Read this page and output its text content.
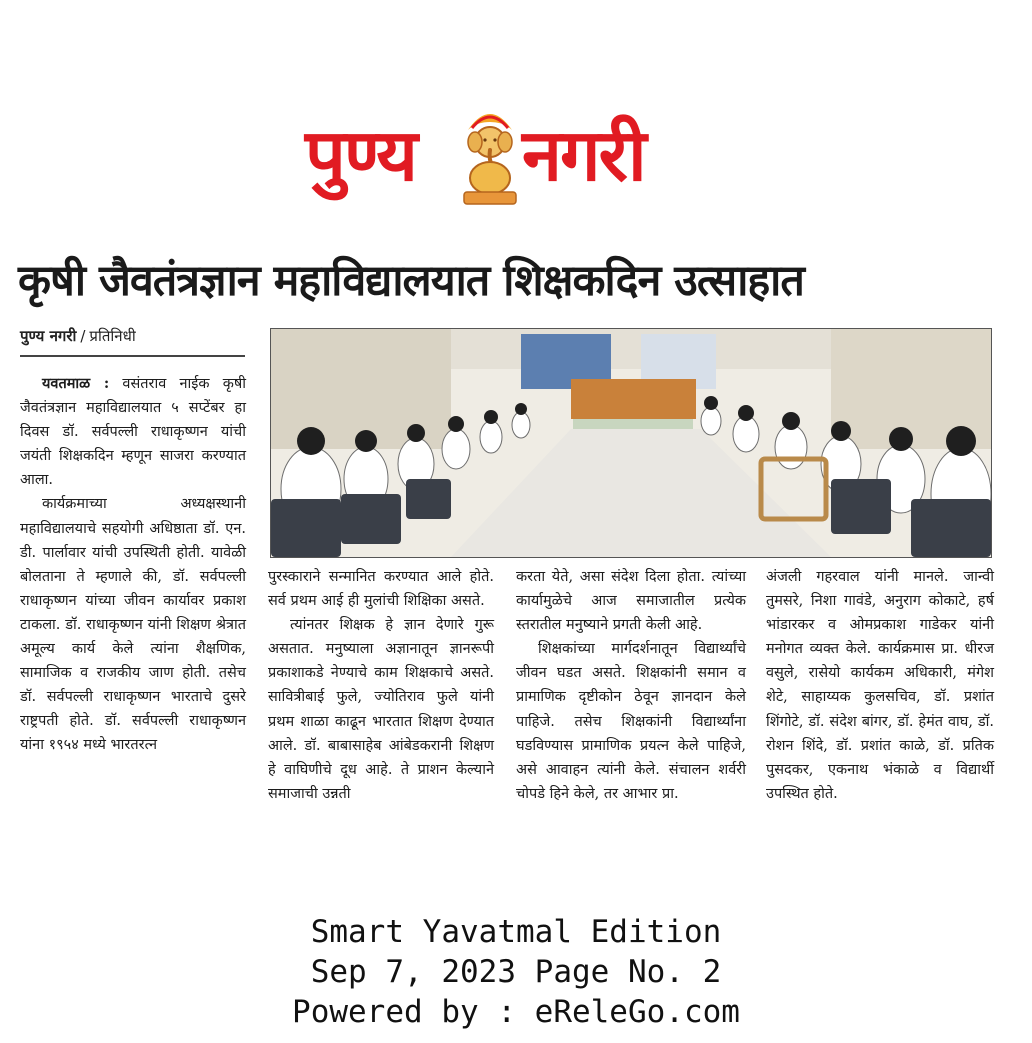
पुण्य नगरी
कृषी जैवतंत्रज्ञान महाविद्यालयात शिक्षकदिन उत्साहात
पुण्य नगरी / प्रतिनिधी

यवतमाळ : वसंतराव नाईक कृषी जैवतंत्रज्ञान महाविद्यालयात ५ सप्टेंबर हा दिवस डॉ. सर्वपल्ली राधाकृष्णन यांची जयंती शिक्षकदिन म्हणून साजरा करण्यात आला.

कार्यक्रमाच्या अध्यक्षस्थानी महाविद्यालयाचे सहयोगी अधिष्ठाता डॉ. एन. डी. पार्लावार यांची उपस्थिती होती. यावेळी बोलताना ते म्हणाले की, डॉ. सर्वपल्ली राधाकृष्णन यांच्या जीवन कार्यावर प्रकाश टाकला. डॉ. राधाकृष्णन यांनी शिक्षण श्रेत्रात अमूल्य कार्य केले त्यांना शैक्षणिक, सामाजिक व राजकीय जाण होती. तसेच डॉ. सर्वपल्ली राधाकृष्णन भारताचे दुसरे राष्ट्रपती होते. डॉ. सर्वपल्ली राधाकृष्णन यांना १९५४ मध्ये भारतरत्न

पुरस्काराने सन्मानित करण्यात आले होते. सर्व प्रथम आई ही मुलांची शिक्षिका असते.

त्यांनतर शिक्षक हे ज्ञान देणारे गुरू असतात. मनुष्याला अज्ञानातून ज्ञानरूपी प्रकाशाकडे नेण्याचे काम शिक्षकाचे असते. सावित्रीबाई फुले, ज्योतिराव फुले यांनी प्रथम शाळा काढून भारतात शिक्षण देण्यात आले. डॉ. बाबासाहेब आंबेडकरानी शिक्षण हे वाघिणीचे दूध आहे. ते प्राशन केल्याने समाजाची उन्नती

करता येते, असा संदेश दिला होता. त्यांच्या कार्यामुळेचे आज समाजातील प्रत्येक स्तरातील मनुष्याने प्रगती केली आहे.

शिक्षकांच्या मार्गदर्शनातून विद्यार्थ्यांचे जीवन घडत असते. शिक्षकांनी समान व प्रामाणिक दृष्टीकोन ठेवून ज्ञानदान केले पाहिजे. तसेच शिक्षकांनी विद्यार्थ्यांना घडविण्यास प्रामाणिक प्रयत्न केले पाहिजे, असे आवाहन त्यांनी केले. संचालन शर्वरी चोपडे हिने केले, तर आभार प्रा.

अंजली गहरवाल यांनी मानले. जान्वी तुमसरे, निशा गावंडे, अनुराग कोकाटे, हर्ष भांडारकर व ओमप्रकाश गाडेकर यांनी मनोगत व्यक्त केले. कार्यक्रमास प्रा. धीरज वसुले, रासेयो कार्यकम अधिकारी, मंगेश शेटे, साहाय्यक कुलसचिव, डॉ. प्रशांत शिंगोटे, डॉ. संदेश बांगर, डॉ. हेमंत वाघ, डॉ. रोशन शिंदे, डॉ. प्रशांत काळे, डॉ. प्रतिक पुसदकर, एकनाथ भंकाळे व विद्यार्थी उपस्थित होते.

Smart Yavatmal Edition
Sep 7, 2023 Page No. 2
Powered by : eReleGo.com
